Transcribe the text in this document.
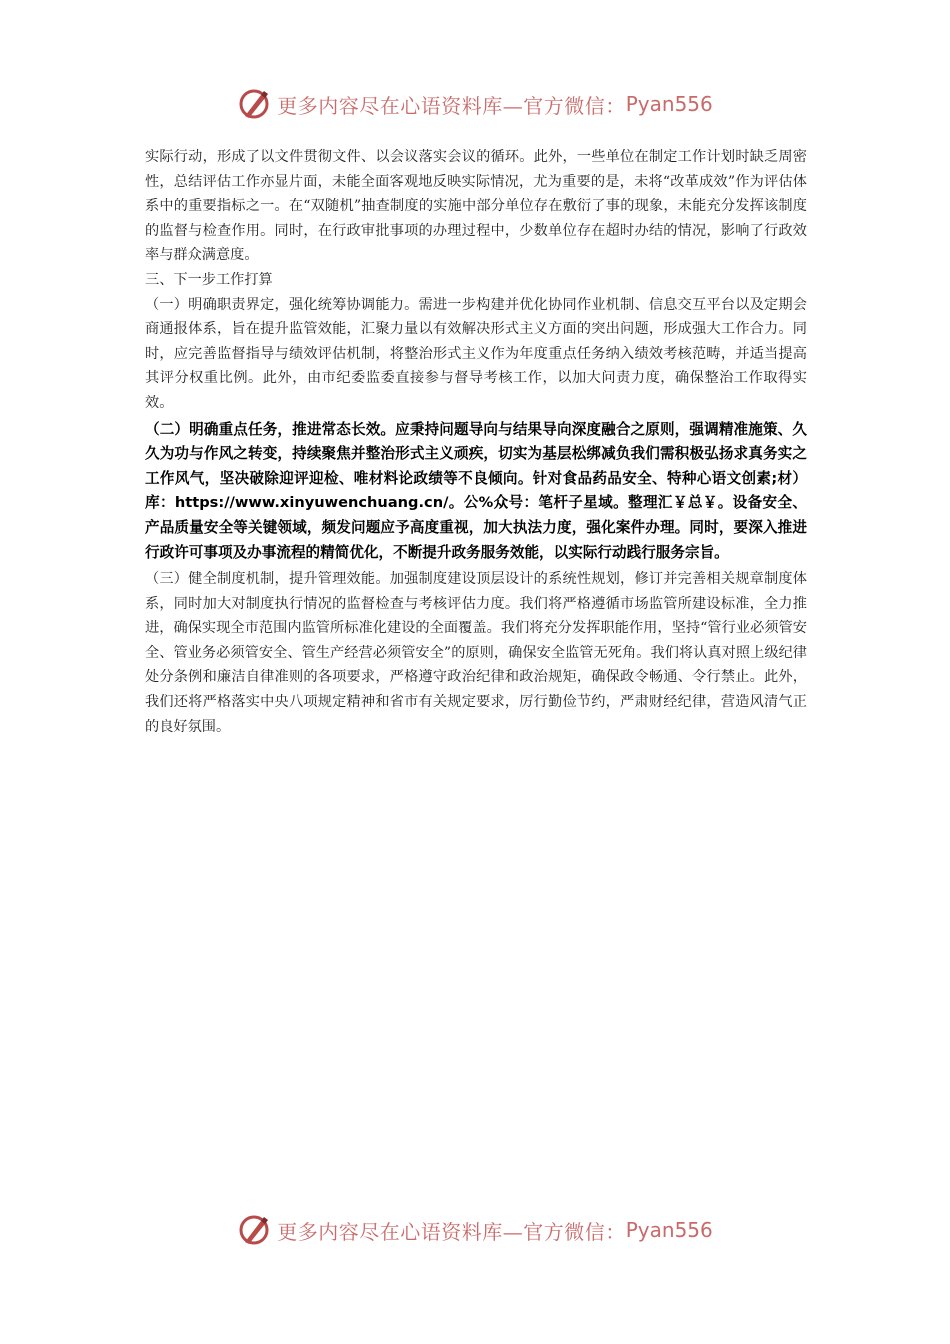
更多内容尽在心语资料库—官方微信： Pyan556

实际行动，形成了以文件贯彻文件、以会议落实会议的循环。此外，一些单位在制定工作计划时缺乏周密性，总结评估工作亦显片面，未能全面客观地反映实际情况，尤为重要的是，未将“改革成效”作为评估体系中的重要指标之一。在“双随机”抽查制度的实施中部分单位存在敷衍了事的现象，未能充分发挥该制度的监督与检查作用。同时，在行政审批事项的办理过程中，少数单位存在超时办结的情况，影响了行政效率与群众满意度。

三、下一步工作打算

（一）明确职责界定，强化统筹协调能力。需进一步构建并优化协同作业机制、信息交互平台以及定期会商通报体系，旨在提升监管效能，汇聚力量以有效解决形式主义方面的突出问题，形成强大工作合力。同时，应完善监督指导与绩效评估机制，将整治形式主义作为年度重点任务纳入绩效考核范畴，并适当提高其评分权重比例。此外，由市纪委监委直接参与督导考核工作，以加大问责力度，确保整治工作取得实效。

（二）明确重点任务，推进常态长效。应秉持问题导向与结果导向深度融合之原则，强调精准施策、久久为功与作风之转变，持续聚焦并整治形式主义顽疾，切实为基层松绑减负我们需积极弘扬求真务实之工作风气，坚决破除迎评迎检、唯材料论政绩等不良倾向。针对食品药品安全、特种心语文创素;材）库：https://www.xinyuwenchuang.cn/。公%众号：笔杆子星域。整理汇￥总￥。设备安全、产品质量安全等关键领域，频发问题应予高度重视，加大执法力度，强化案件办理。同时，要深入推进行政许可事项及办事流程的精简优化，不断提升政务服务效能，以实际行动践行服务宗旨。

（三）健全制度机制，提升管理效能。加强制度建设顶层设计的系统性规划，修订并完善相关规章制度体系，同时加大对制度执行情况的监督检查与考核评估力度。我们将严格遵循市场监管所建设标准，全力推进，确保实现全市范围内监管所标准化建设的全面覆盖。我们将充分发挥职能作用，坚持“管行业必须管安全、管业务必须管安全、管生产经营必须管安全”的原则，确保安全监管无死角。我们将认真对照上级纪律处分条例和廉洁自律准则的各项要求，严格遵守政治纪律和政治规矩，确保政令畅通、令行禁止。此外，我们还将严格落实中央八项规定精神和省市有关规定要求，厉行勤俭节约，严肃财经纪律，营造风清气正的良好氛围。

更多内容尽在心语资料库—官方微信： Pyan556
